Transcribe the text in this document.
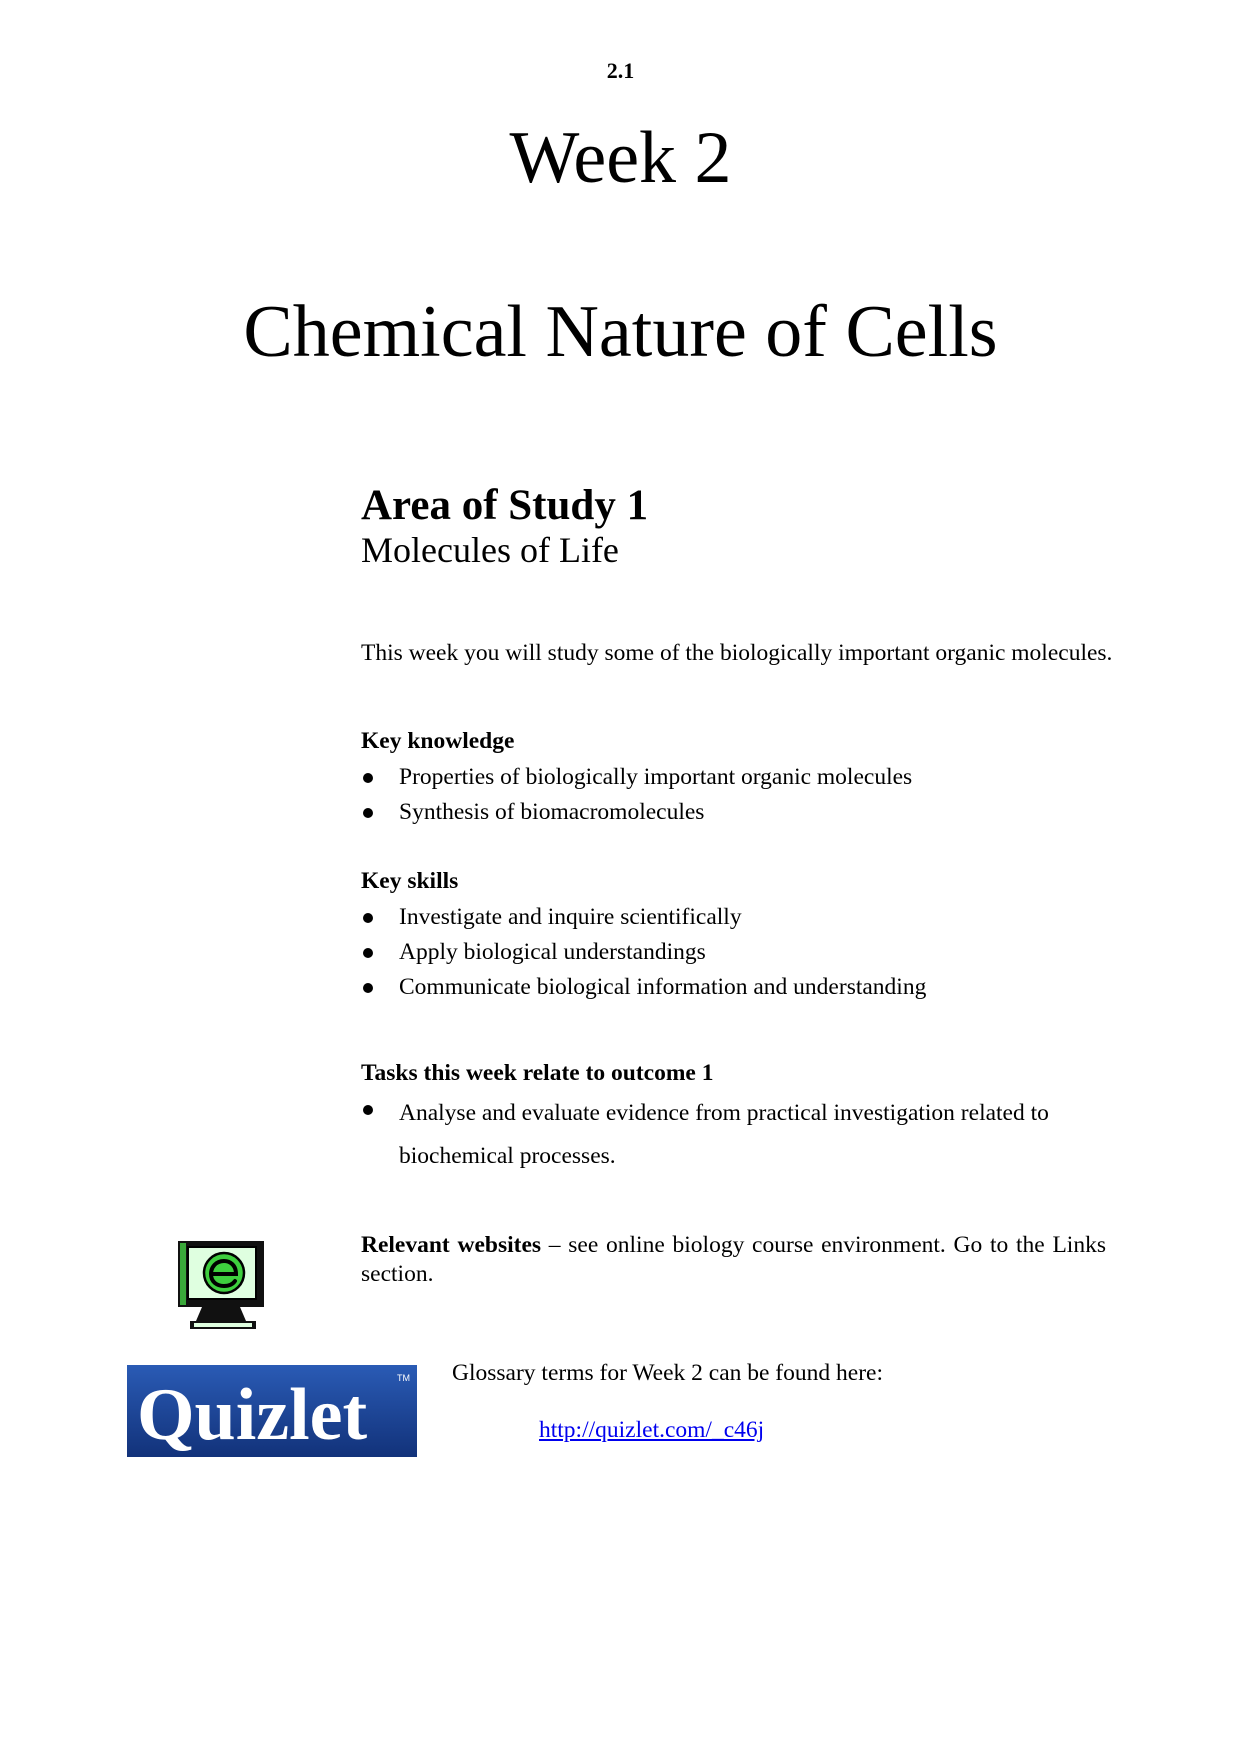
2.1
Week 2
Chemical Nature of Cells
Area of Study 1
Molecules of Life
This week you will study some of the biologically important organic molecules.
Key knowledge
Properties of biologically important organic molecules
Synthesis of biomacromolecules
Key skills
Investigate and inquire scientifically
Apply biological understandings
Communicate biological information and understanding
Tasks this week relate to outcome 1
Analyse and evaluate evidence from practical investigation related to biochemical processes.
Relevant websites – see online biology course environment. Go to the Links section.
Quizlet	TM Glossary terms for Week 2 can be found here:
http://quizlet.com/_c46j
